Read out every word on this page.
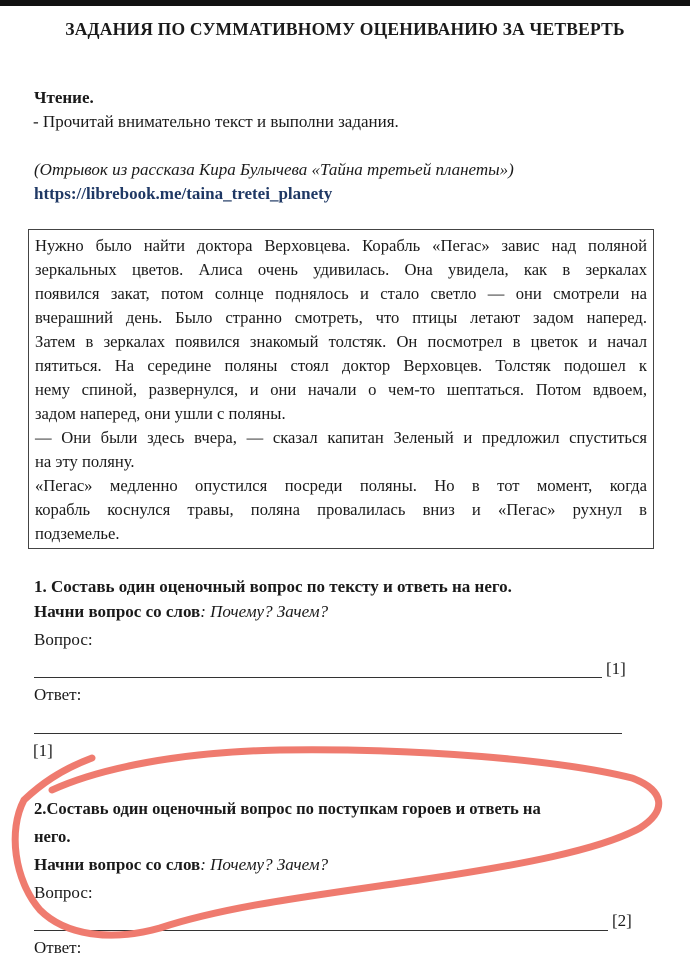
ЗАДАНИЯ ПО СУММАТИВНОМУ ОЦЕНИВАНИЮ ЗА ЧЕТВЕРТЬ
Чтение.
- Прочитай внимательно текст и выполни задания.
(Отрывок из рассказа Кира Булычева «Тайна третьей планеты»)
https://librebook.me/taina_tretei_planety
Нужно было найти доктора Верховцева. Корабль «Пегас» завис над поляной
зеркальных цветов. Алиса очень удивилась. Она увидела, как в зеркалах
появился закат, потом солнце поднялось и стало светло — они смотрели на
вчерашний день. Было странно смотреть, что птицы летают задом наперед.
Затем в зеркалах появился знакомый толстяк. Он посмотрел в цветок и начал
пятиться. На середине поляны стоял доктор Верховцев. Толстяк подошел к
нему спиной, развернулся, и они начали о чем-то шептаться. Потом вдвоем,
задом наперед, они ушли с поляны.
— Они были здесь вчера, — сказал капитан Зеленый и предложил спуститься
на эту поляну.
«Пегас» медленно опустился посреди поляны. Но в тот момент, когда
корабль коснулся травы, поляна провалилась вниз и «Пегас» рухнул в
подземелье.
1. Составь один оценочный вопрос по тексту и ответь на него.
Начни вопрос со слов: Почему? Зачем?
Вопрос:
[1]
Ответ:
[1]
2.Составь один оценочный вопрос по поступкам гороев и ответь на
него.
Начни вопрос со слов: Почему? Зачем?
Вопрос:
[2]
Ответ:
